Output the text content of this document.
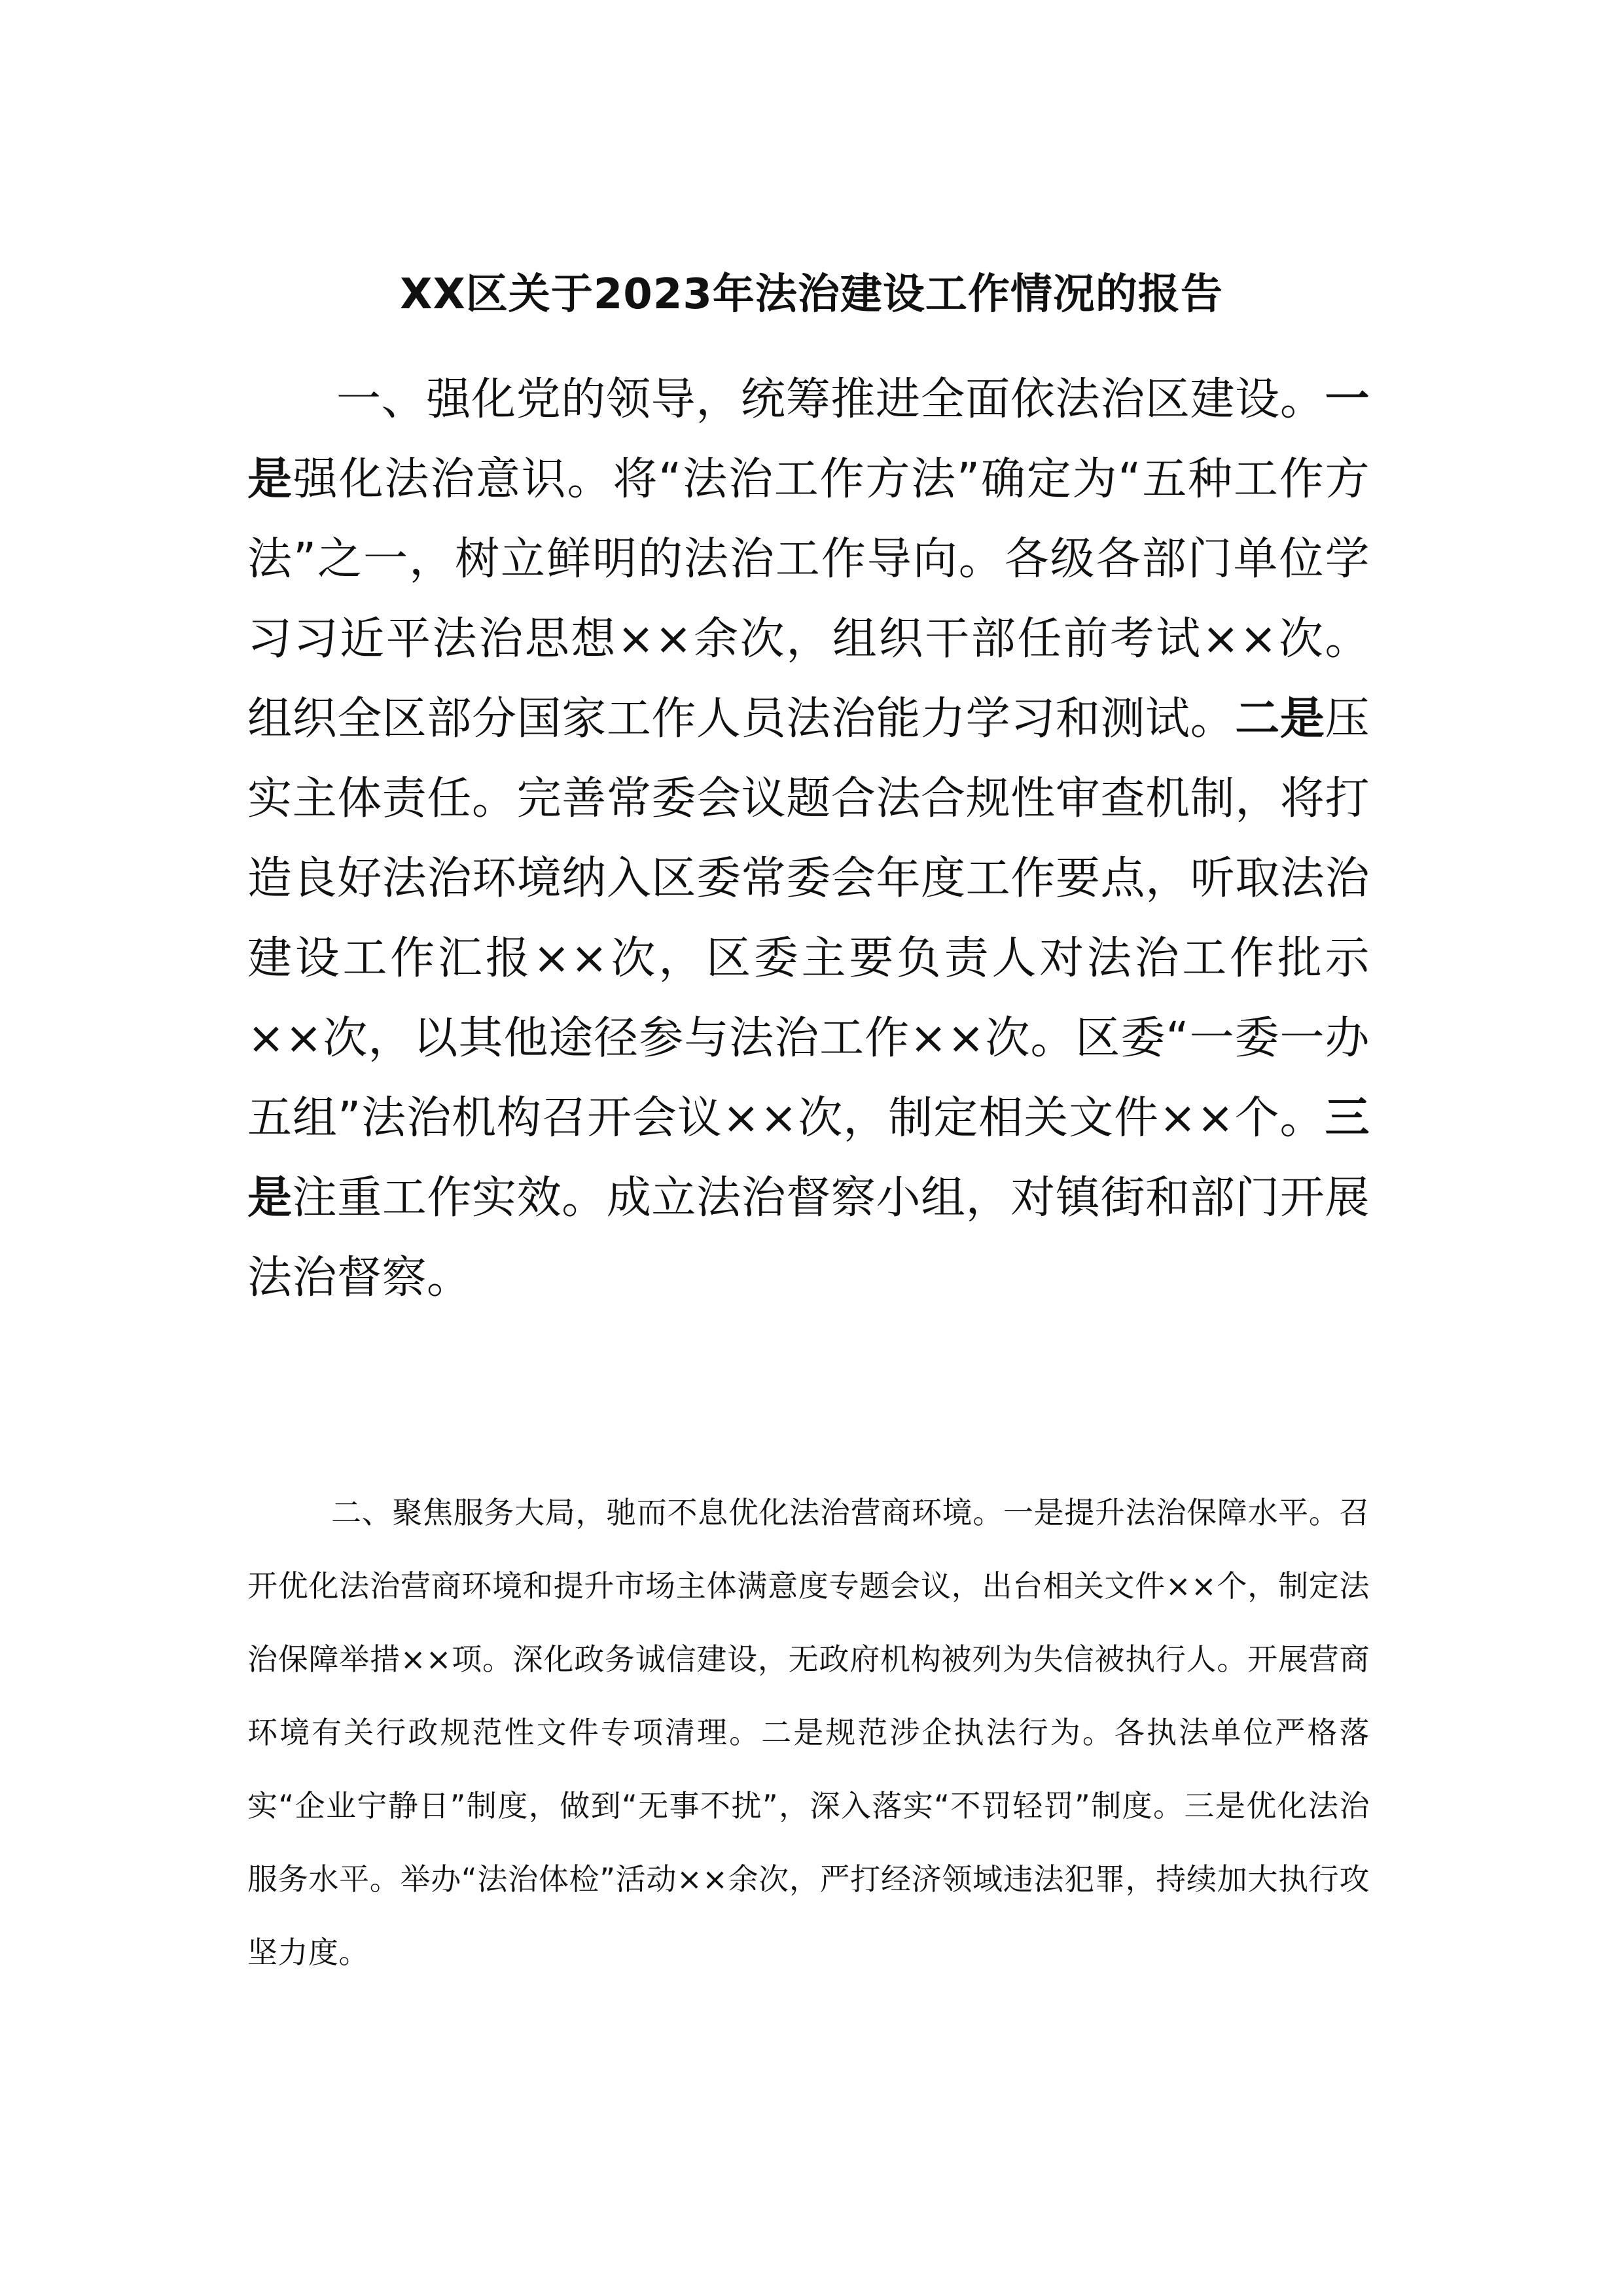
XX区关于2023年法治建设工作情况的报告
一、强化党的领导，统筹推进全面依法治区建设。一是强化法治意识。将“法治工作方法”确定为“五种工作方法”之一，树立鲜明的法治工作导向。各级各部门单位学习习近平法治思想××余次，组织干部任前考试××次。组织全区部分国家工作人员法治能力学习和测试。二是压实主体责任。完善常委会议题合法合规性审查机制，将打造良好法治环境纳入区委常委会年度工作要点，听取法治建设工作汇报××次，区委主要负责人对法治工作批示××次，以其他途径参与法治工作××次。区委“一委一办五组”法治机构召开会议××次，制定相关文件××个。三是注重工作实效。成立法治督察小组，对镇街和部门开展法治督察。
二、聚焦服务大局，驰而不息优化法治营商环境。一是提升法治保障水平。召开优化法治营商环境和提升市场主体满意度专题会议，出台相关文件××个，制定法治保障举措××项。深化政务诚信建设，无政府机构被列为失信被执行人。开展营商环境有关行政规范性文件专项清理。二是规范涉企执法行为。各执法单位严格落实“企业宁静日”制度，做到“无事不扰”，深入落实“不罚轻罚”制度。三是优化法治服务水平。举办“法治体检”活动××余次，严打经济领域违法犯罪，持续加大执行攻坚力度。
